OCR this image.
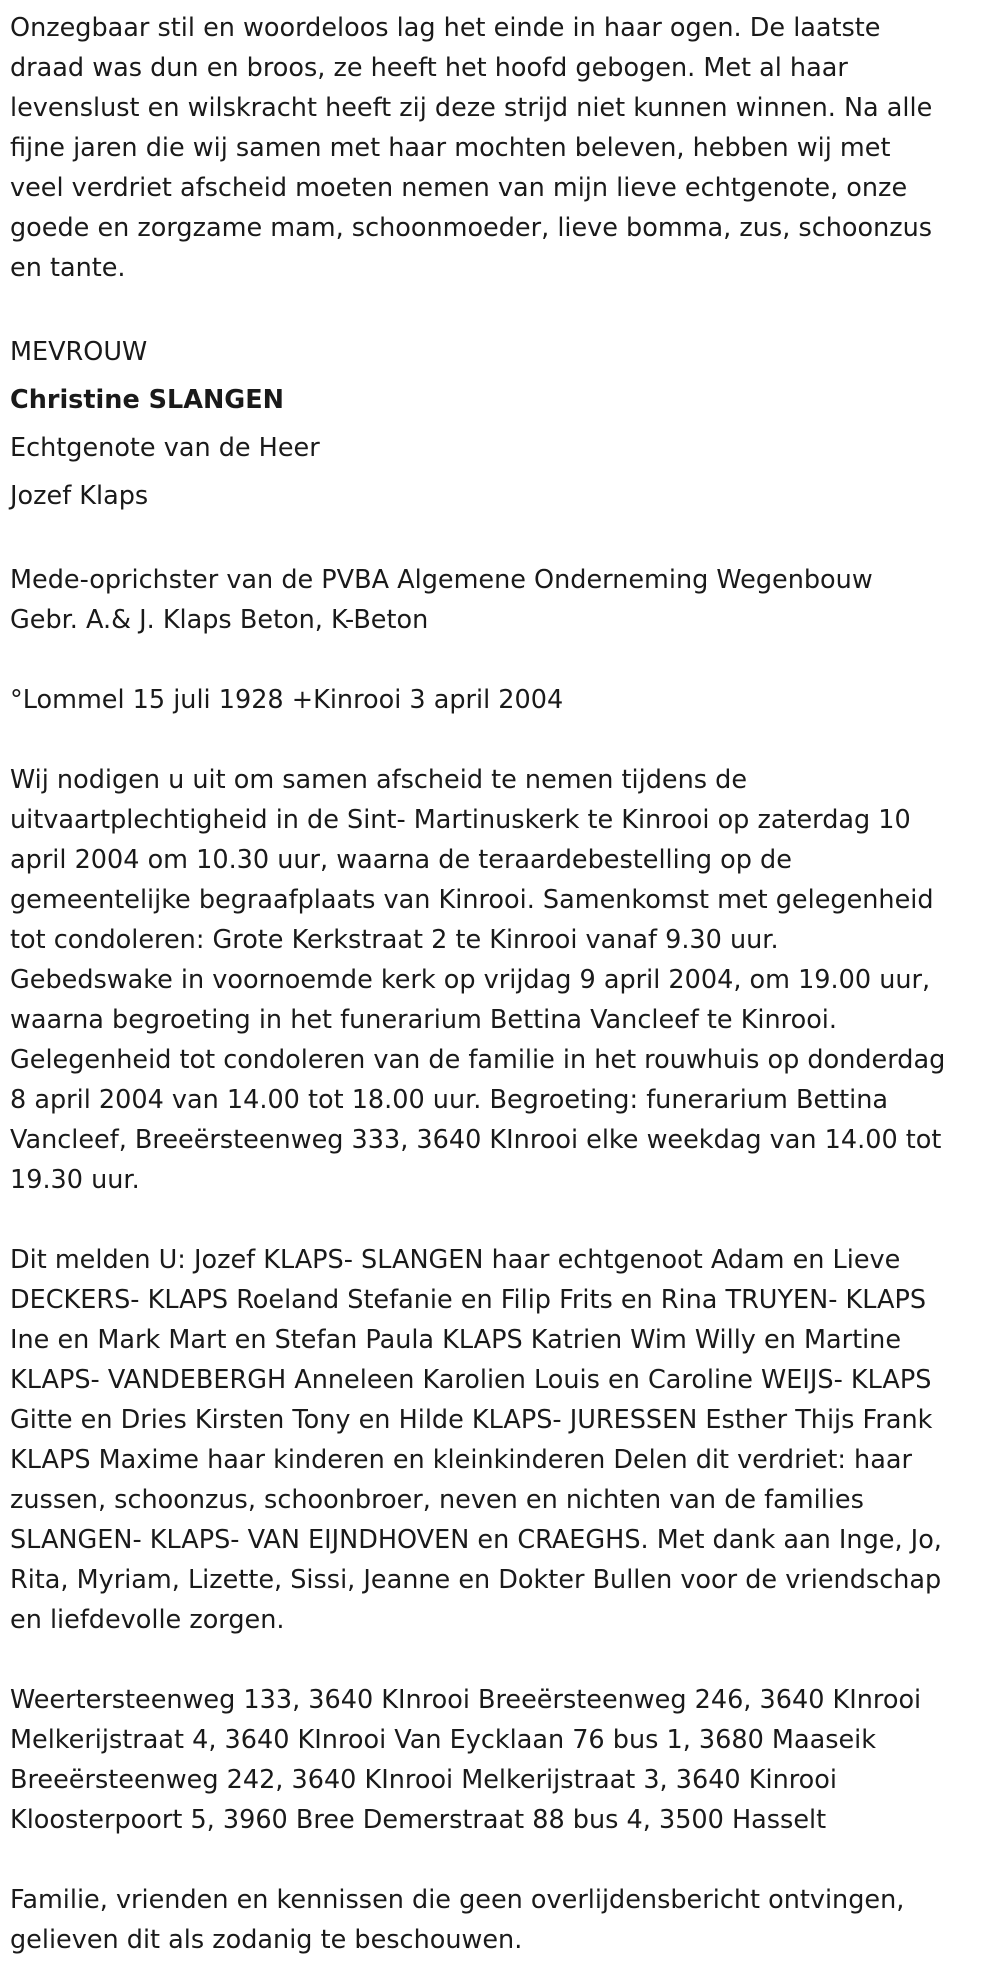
Onzegbaar stil en woordeloos lag het einde in haar ogen. De laatste
draad was dun en broos, ze heeft het hoofd gebogen. Met al haar
levenslust en wilskracht heeft zij deze strijd niet kunnen winnen. Na alle
fijne jaren die wij samen met haar mochten beleven, hebben wij met
veel verdriet afscheid moeten nemen van mijn lieve echtgenote, onze
goede en zorgzame mam, schoonmoeder, lieve bomma, zus, schoonzus
en tante.

MEVROUW
Christine SLANGEN
Echtgenote van de Heer
Jozef Klaps

Mede-oprichster van de PVBA Algemene Onderneming Wegenbouw
Gebr. A.& J. Klaps Beton, K-Beton

°Lommel 15 juli 1928 +Kinrooi 3 april 2004

Wij nodigen u uit om samen afscheid te nemen tijdens de
uitvaartplechtigheid in de Sint- Martinuskerk te Kinrooi op zaterdag 10
april 2004 om 10.30 uur, waarna de teraardebestelling op de
gemeentelijke begraafplaats van Kinrooi. Samenkomst met gelegenheid
tot condoleren: Grote Kerkstraat 2 te Kinrooi vanaf 9.30 uur.
Gebedswake in voornoemde kerk op vrijdag 9 april 2004, om 19.00 uur,
waarna begroeting in het funerarium Bettina Vancleef te Kinrooi.
Gelegenheid tot condoleren van de familie in het rouwhuis op donderdag
8 april 2004 van 14.00 tot 18.00 uur. Begroeting: funerarium Bettina
Vancleef, Breeërsteenweg 333, 3640 KInrooi elke weekdag van 14.00 tot
19.30 uur.

Dit melden U: Jozef KLAPS- SLANGEN haar echtgenoot Adam en Lieve
DECKERS- KLAPS Roeland Stefanie en Filip Frits en Rina TRUYEN- KLAPS
Ine en Mark Mart en Stefan Paula KLAPS Katrien Wim Willy en Martine
KLAPS- VANDEBERGH Anneleen Karolien Louis en Caroline WEIJS- KLAPS
Gitte en Dries Kirsten Tony en Hilde KLAPS- JURESSEN Esther Thijs Frank
KLAPS Maxime haar kinderen en kleinkinderen Delen dit verdriet: haar
zussen, schoonzus, schoonbroer, neven en nichten van de families
SLANGEN- KLAPS- VAN EIJNDHOVEN en CRAEGHS. Met dank aan Inge, Jo,
Rita, Myriam, Lizette, Sissi, Jeanne en Dokter Bullen voor de vriendschap
en liefdevolle zorgen.

Weertersteenweg 133, 3640 KInrooi Breeërsteenweg 246, 3640 KInrooi
Melkerijstraat 4, 3640 KInrooi Van Eycklaan 76 bus 1, 3680 Maaseik
Breeërsteenweg 242, 3640 KInrooi Melkerijstraat 3, 3640 Kinrooi
Kloosterpoort 5, 3960 Bree Demerstraat 88 bus 4, 3500 Hasselt

Familie, vrienden en kennissen die geen overlijdensbericht ontvingen,
gelieven dit als zodanig te beschouwen.
